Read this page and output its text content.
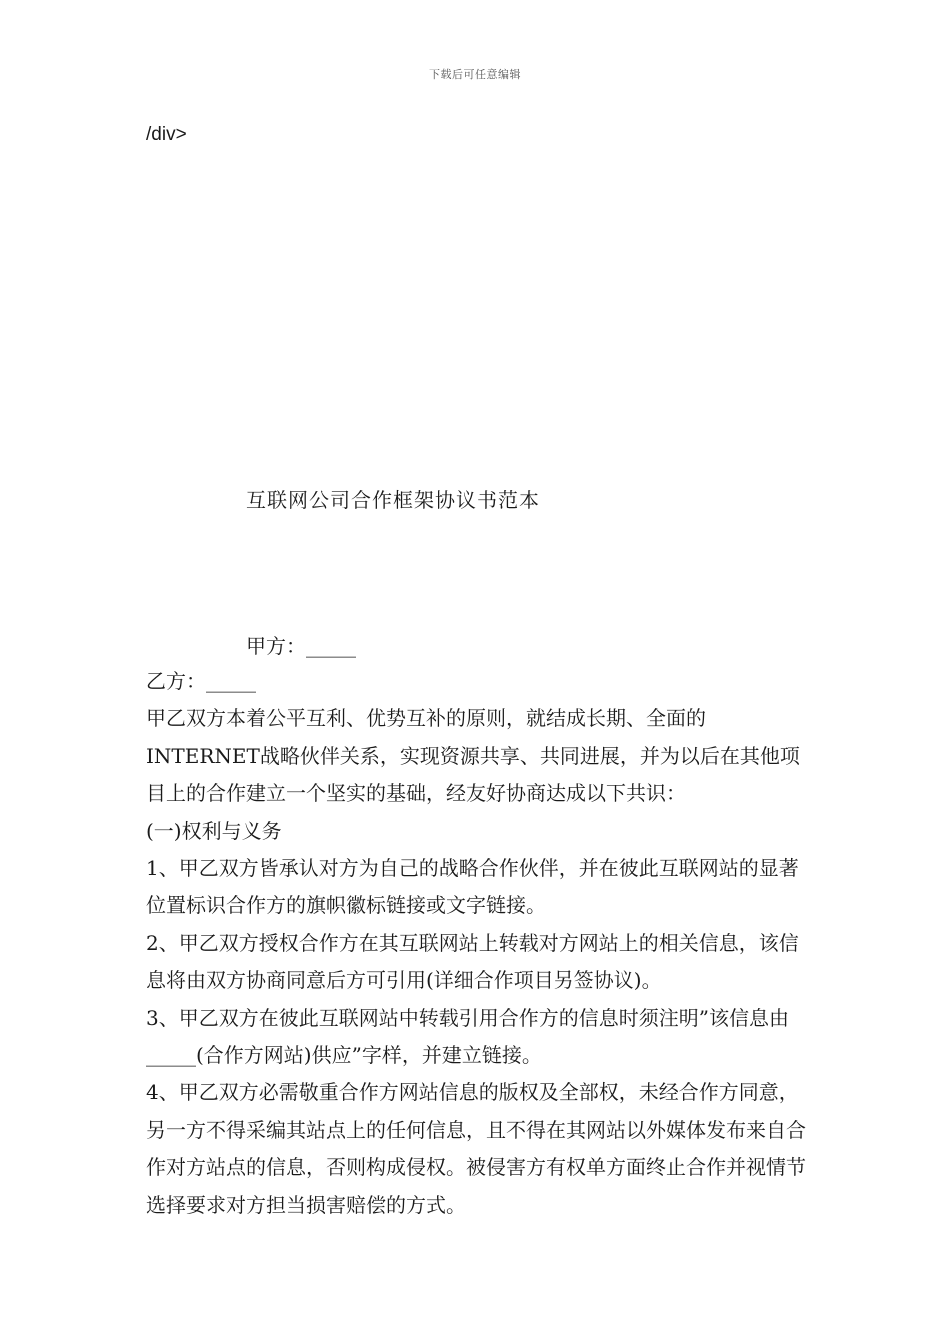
下载后可任意编辑
/div>
互联网公司合作框架协议书范本
甲方：_____

乙方：_____

甲乙双方本着公平互利、优势互补的原则，就结成长期、全面的INTERNET战略伙伴关系，实现资源共享、共同进展，并为以后在其他项目上的合作建立一个坚实的基础，经友好协商达成以下共识：

(一)权利与义务

1、甲乙双方皆承认对方为自己的战略合作伙伴，并在彼此互联网站的显著位置标识合作方的旗帜徽标链接或文字链接。

2、甲乙双方授权合作方在其互联网站上转载对方网站上的相关信息，该信息将由双方协商同意后方可引用(详细合作项目另签协议)。

3、甲乙双方在彼此互联网站中转载引用合作方的信息时须注明”该信息由_____(合作方网站)供应”字样，并建立链接。

4、甲乙双方必需敬重合作方网站信息的版权及全部权，未经合作方同意，另一方不得采编其站点上的任何信息，且不得在其网站以外媒体发布来自合作对方站点的信息，否则构成侵权。被侵害方有权单方面终止合作并视情节选择要求对方担当损害赔偿的方式。
